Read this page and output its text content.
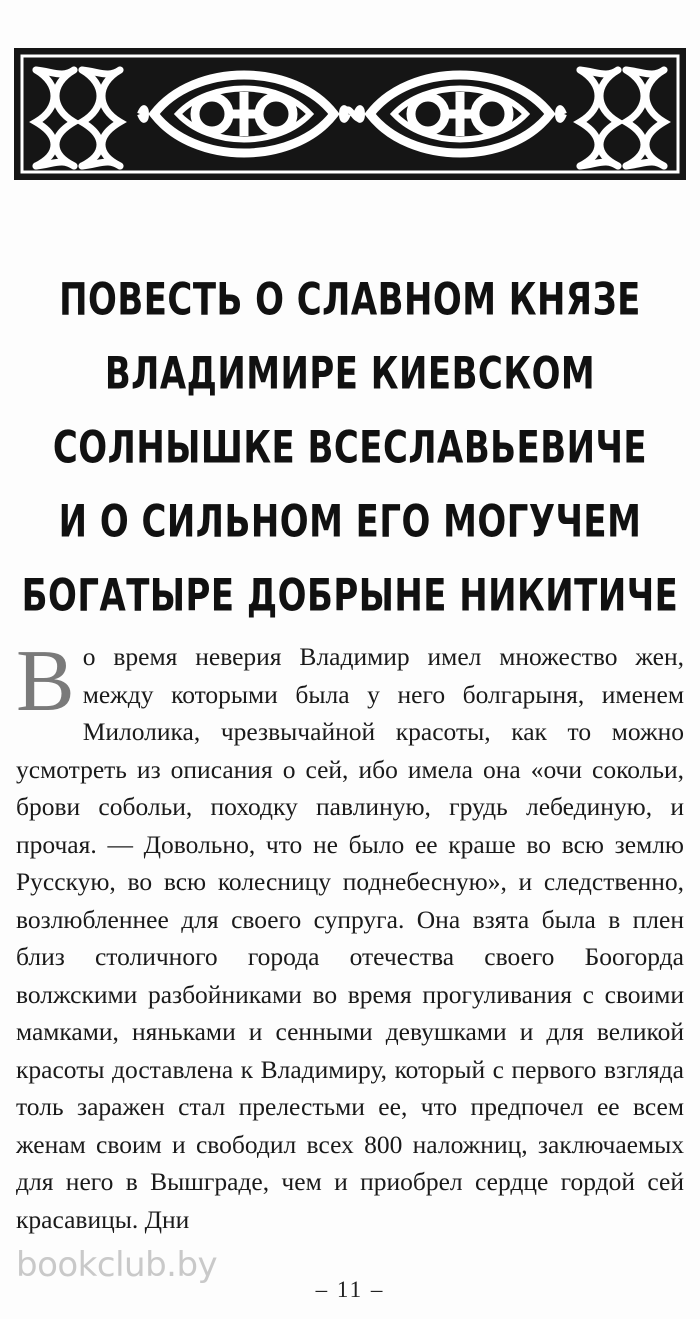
ПОВЕСТЬ О СЛАВНОМ КНЯЗЕ
ВЛАДИМИРЕ КИЕВСКОМ
СОЛНЫШКЕ ВСЕСЛАВЬЕВИЧЕ
И О СИЛЬНОМ ЕГО МОГУЧЕМ
БОГАТЫРЕ ДОБРЫНЕ НИКИТИЧЕ
Во время неверия Владимир имел множество жен, между которыми была у него болгарыня, именем Милолика, чрезвычайной красоты, как то можно усмотреть из описания о сей, ибо имела она «очи сокольи, брови собольи, походку павлиную, грудь лебединую, и прочая. — Довольно, что не было ее краше во всю землю Русскую, во всю колесницу поднебесную», и следственно, возлюбленнее для своего супруга. Она взята была в плен близ столичного города отечества своего Боогорда волжскими разбойниками во время прогуливания с своими мамками, няньками и сенными девушками и для великой красоты доставлена к Владимиру, который с первого взгляда толь заражен стал прелестьми ее, что предпочел ее всем женам своим и свободил всех 800 наложниц, заключаемых для него в Вышграде, чем и приобрел сердце гордой сей красавицы. Дни
bookclub.by
– 11 –
